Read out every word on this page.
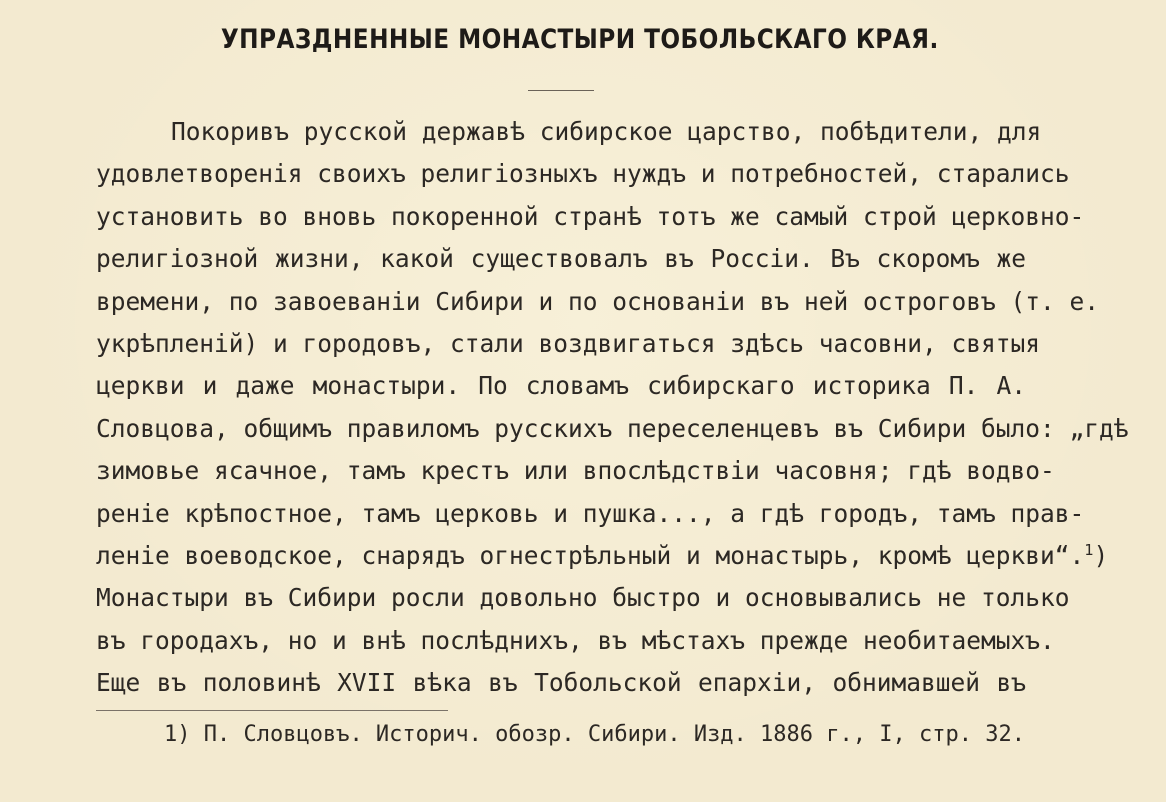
УПРАЗДНЕННЫЕ МОНАСТЫРИ ТОБОЛЬСКАГО КРАЯ.
Покоривъ русской державѣ сибирское царство, побѣдители, для
удовлетворенія своихъ религіозныхъ нуждъ и потребностей, старались
установить во вновь покоренной странѣ тотъ же самый строй церковно-
религіозной жизни, какой существовалъ въ Россіи. Въ скоромъ же
времени, по завоеваніи Сибири и по основаніи въ ней остроговъ (т. е.
укрѣпленій) и городовъ, стали воздвигаться здѣсь часовни, святыя
церкви и даже монастыри. По словамъ сибирскаго историка П. А.
Словцова, общимъ правиломъ русскихъ переселенцевъ въ Сибири было: „гдѣ
зимовье ясачное, тамъ крестъ или впослѣдствіи часовня; гдѣ водво-
реніе крѣпостное, тамъ церковь и пушка..., а гдѣ городъ, тамъ прав-
леніе воеводское, снарядъ огнестрѣльный и монастырь, кромѣ церкви“.$^1$)
Монастыри въ Сибири росли довольно быстро и основывались не только
въ городахъ, но и внѣ послѣднихъ, въ мѣстахъ прежде необитаемыхъ.
Еще въ половинѣ XVII вѣка въ Тобольской епархіи, обнимавшей въ
1) П. Словцовъ. Историч. обозр. Сибири. Изд. 1886 г., I, стр. 32.
